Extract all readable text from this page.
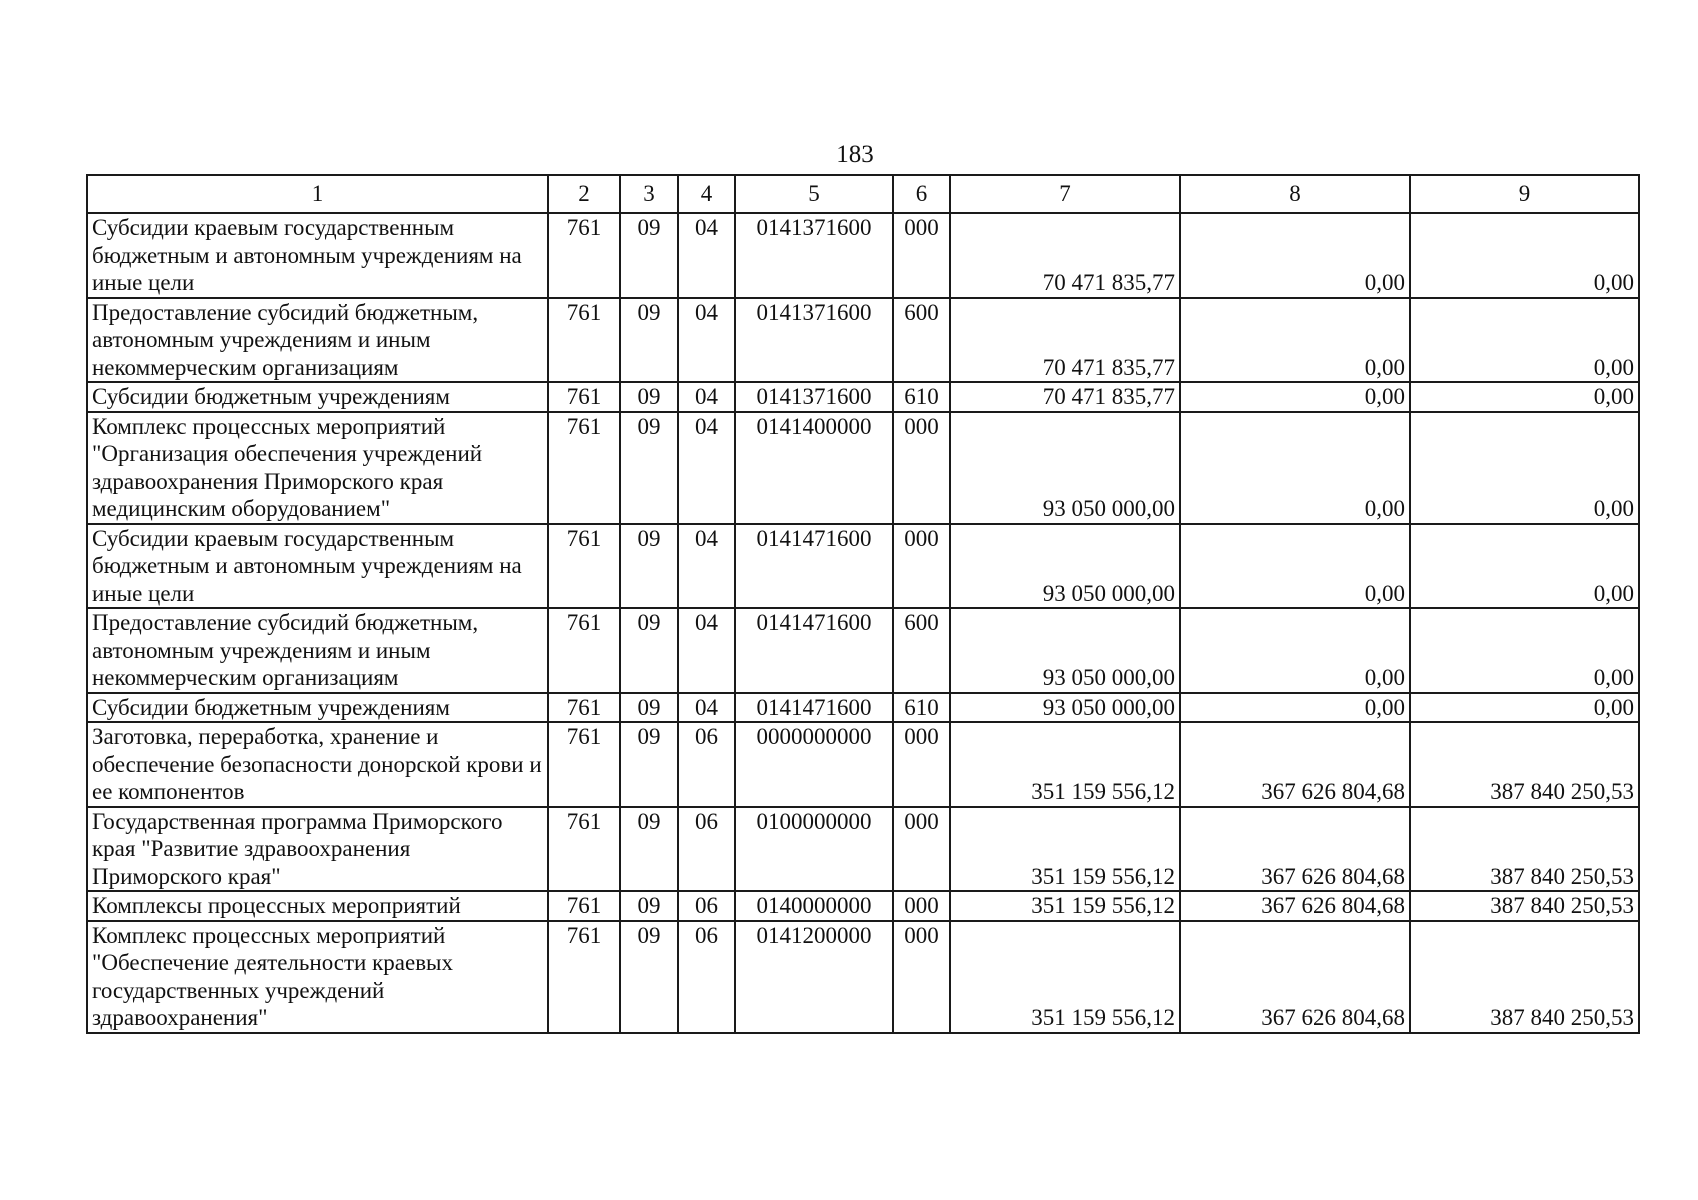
183
1	2	3	4	5	6	7	8	9
Субсидии краевым государственным бюджетным и автономным учреждениям на иные цели	761	09	04	0141371600	000	70 471 835,77	0,00	0,00
Предоставление субсидий бюджетным, автономным учреждениям и иным некоммерческим организациям	761	09	04	0141371600	600	70 471 835,77	0,00	0,00
Субсидии бюджетным учреждениям	761	09	04	0141371600	610	70 471 835,77	0,00	0,00
Комплекс процессных мероприятий "Организация обеспечения учреждений здравоохранения Приморского края медицинским оборудованием"	761	09	04	0141400000	000	93 050 000,00	0,00	0,00
Субсидии краевым государственным бюджетным и автономным учреждениям на иные цели	761	09	04	0141471600	000	93 050 000,00	0,00	0,00
Предоставление субсидий бюджетным, автономным учреждениям и иным некоммерческим организациям	761	09	04	0141471600	600	93 050 000,00	0,00	0,00
Субсидии бюджетным учреждениям	761	09	04	0141471600	610	93 050 000,00	0,00	0,00
Заготовка, переработка, хранение и обеспечение безопасности донорской крови и ее компонентов	761	09	06	0000000000	000	351 159 556,12	367 626 804,68	387 840 250,53
Государственная программа Приморского края "Развитие здравоохранения Приморского края"	761	09	06	0100000000	000	351 159 556,12	367 626 804,68	387 840 250,53
Комплексы процессных мероприятий	761	09	06	0140000000	000	351 159 556,12	367 626 804,68	387 840 250,53
Комплекс процессных мероприятий "Обеспечение деятельности краевых государственных учреждений здравоохранения"	761	09	06	0141200000	000	351 159 556,12	367 626 804,68	387 840 250,53
